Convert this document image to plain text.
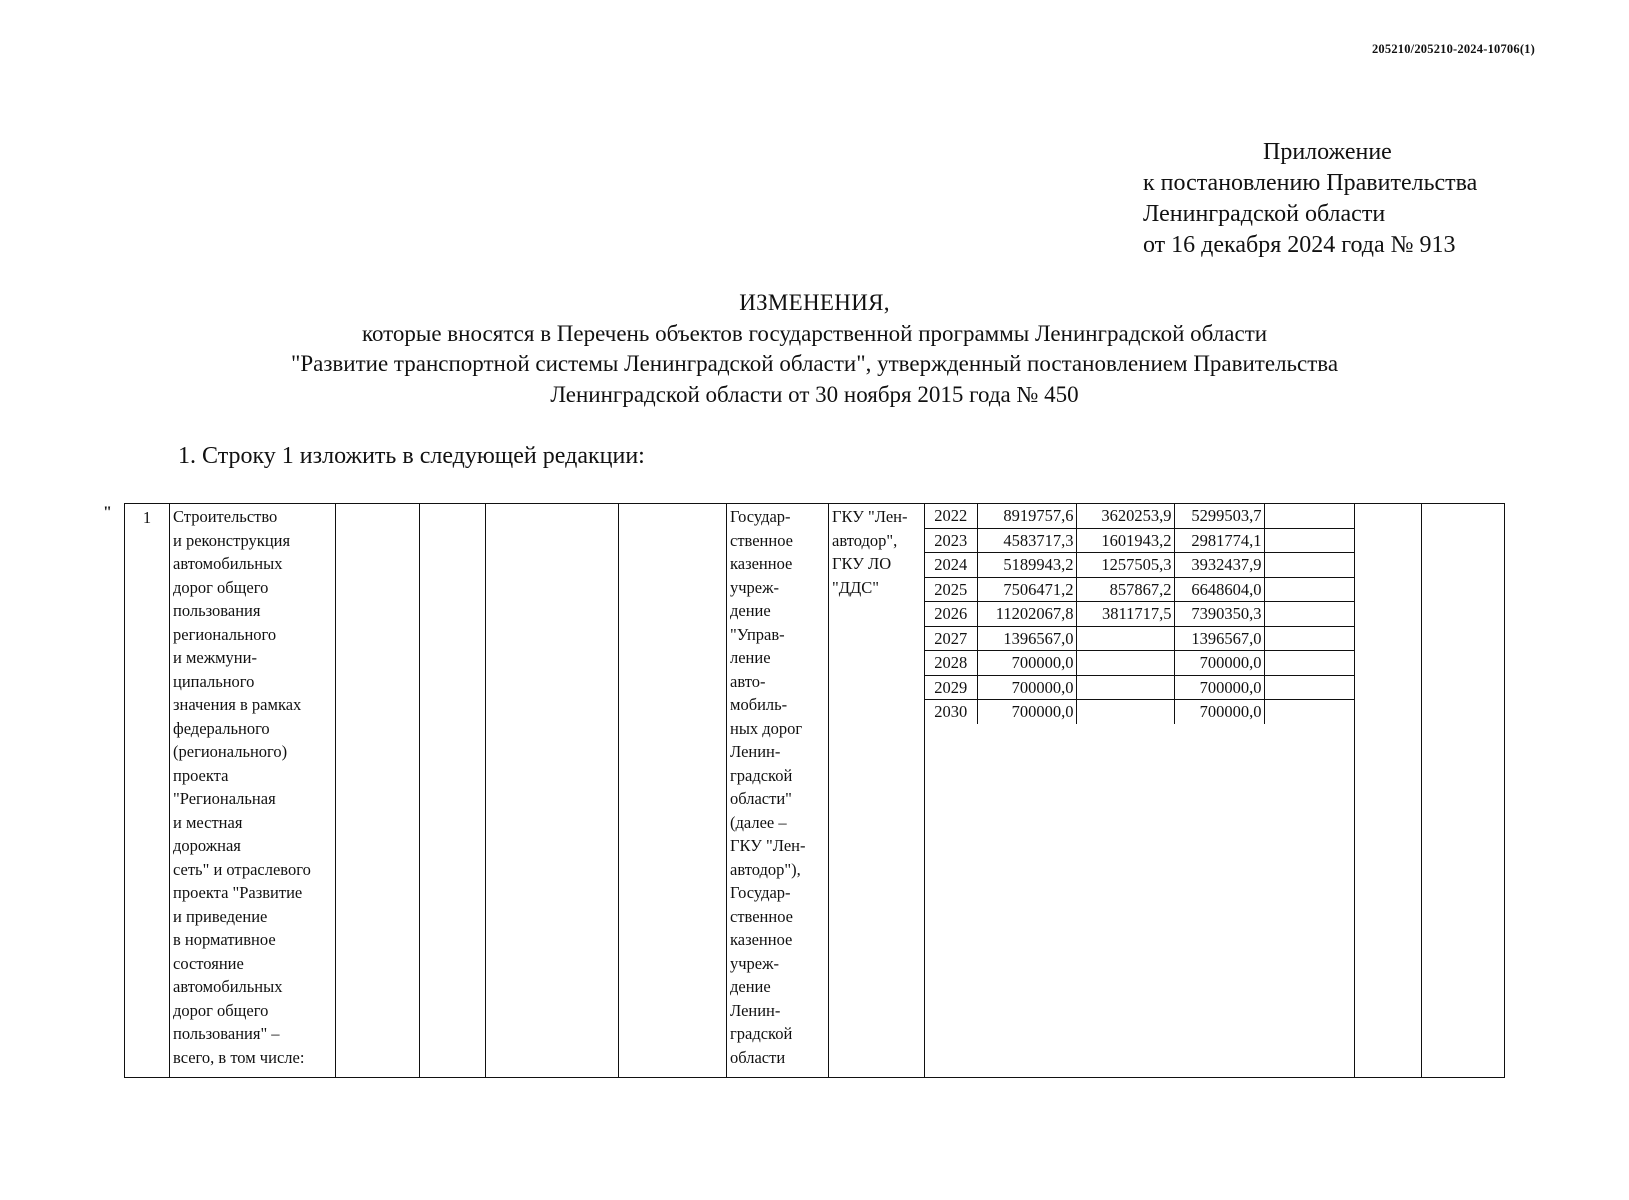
205210/205210-2024-10706(1)
Приложение
к постановлению Правительства
Ленинградской области
от 16 декабря 2024 года № 913
ИЗМЕНЕНИЯ,
которые вносятся в Перечень объектов государственной программы Ленинградской области
"Развитие транспортной системы Ленинградской области", утвержденный постановлением Правительства
Ленинградской области от 30 ноября 2015 года № 450
1. Строку 1 изложить в следующей редакции:
" 1	Строительство
и реконструкция
автомобильных
дорог общего
пользования
регионального
и межмуни-
ципального
значения в рамках
федерального
(регионального)
проекта
"Региональная
и местная
дорожная
сеть" и отраслевого
проекта "Развитие
и приведение
в нормативное
состояние
автомобильных
дорог общего
пользования" –
всего, в том числе:					Государ-
ственное
казенное
учреж-
дение
"Управ-
ление
авто-
мобиль-
ных дорог
Ленин-
градской
области"
(далее –
ГКУ "Лен-
автодор"),
Государ-
ственное
казенное
учреж-
дение
Ленин-
градской
области	ГКУ "Лен-
автодор",
ГКУ ЛО
"ДДС"	
2022	8919757,6	3620253,9	5299503,7	
2023	4583717,3	1601943,2	2981774,1	
2024	5189943,2	1257505,3	3932437,9	
2025	7506471,2	857867,2	6648604,0	
2026	11202067,8	3811717,5	7390350,3	
2027	1396567,0		1396567,0	
2028	700000,0		700000,0	
2029	700000,0		700000,0	
2030	700000,0		700000,0	
